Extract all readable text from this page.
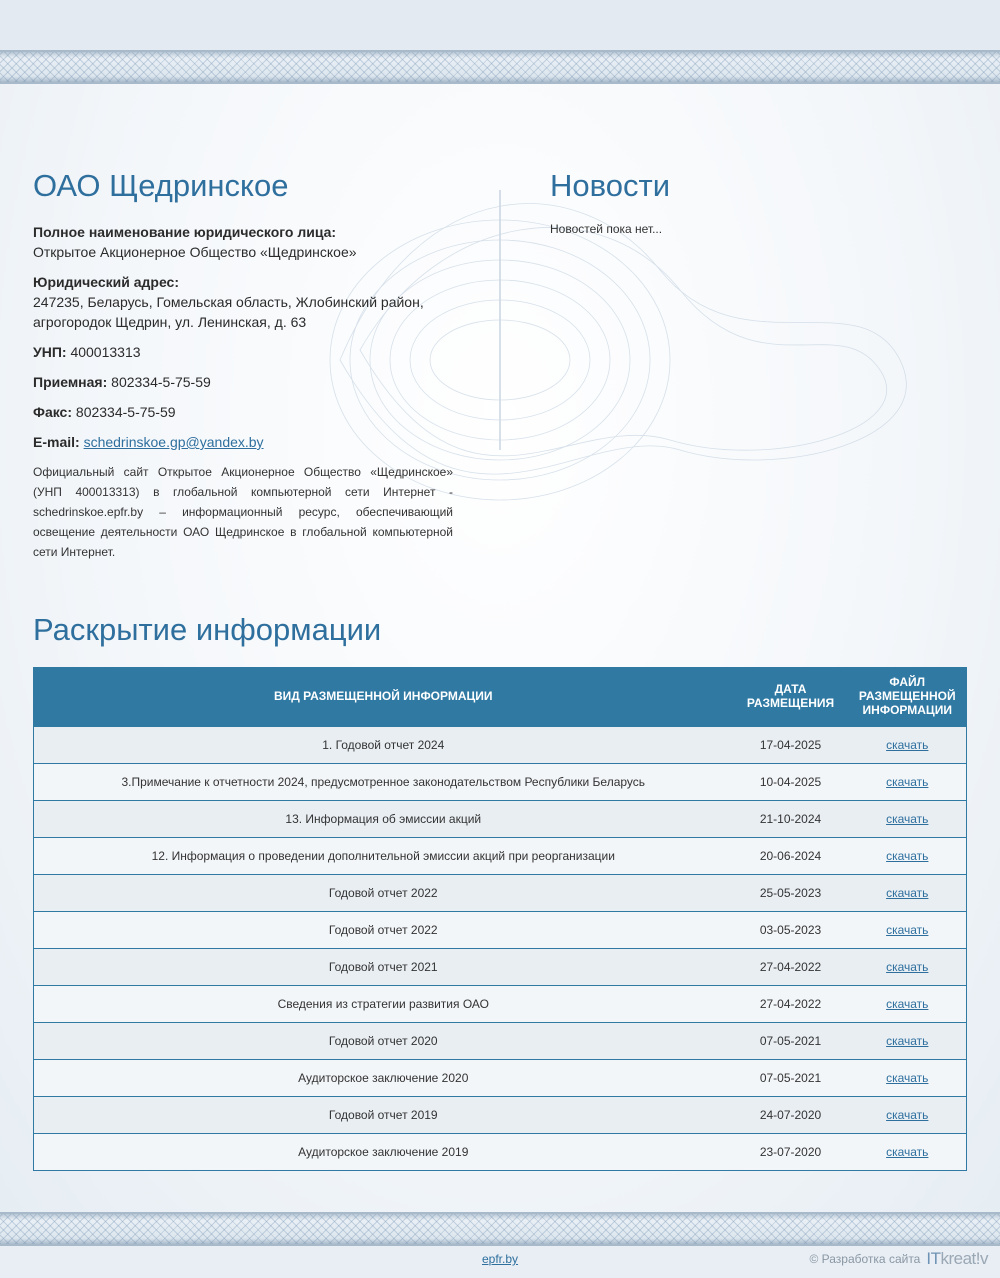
ОАО Щедринское

Полное наименование юридического лица:
Открытое Акционерное Общество «Щедринское»

Юридический адрес:
247235, Беларусь, Гомельская область, Жлобинский район,
агрогородок Щедрин, ул. Ленинская, д. 63

УНП: 400013313

Приемная: 802334-5-75-59

Факс: 802334-5-75-59

E-mail: schedrinskoe.gp@yandex.by

Официальный сайт Открытое Акционерное Общество «Щедринское» (УНП 400013313) в глобальной компьютерной сети Интернет - schedrinskoe.epfr.by – информационный ресурс, обеспечивающий освещение деятельности ОАО Щедринское в глобальной компьютерной сети Интернет.

Новости

Новостей пока нет...

Раскрытие информации
ВИД РАЗМЕЩЕННОЙ ИНФОРМАЦИИ	ДАТА РАЗМЕЩЕНИЯ	ФАЙЛ РАЗМЕЩЕННОЙ ИНФОРМАЦИИ
1. Годовой отчет 2024	17-04-2025	скачать
3.Примечание к отчетности 2024, предусмотренное законодательством Республики Беларусь	10-04-2025	скачать
13. Информация об эмиссии акций	21-10-2024	скачать
12. Информация о проведении дополнительной эмиссии акций при реорганизации	20-06-2024	скачать
Годовой отчет 2022	25-05-2023	скачать
Годовой отчет 2022	03-05-2023	скачать
Годовой отчет 2021	27-04-2022	скачать
Сведения из стратегии развития ОАО	27-04-2022	скачать
Годовой отчет 2020	07-05-2021	скачать
Аудиторское заключение 2020	07-05-2021	скачать
Годовой отчет 2019	24-07-2020	скачать
Аудиторское заключение 2019	23-07-2020	скачать
epfr.by	© Разработка сайта ITkreat!v
